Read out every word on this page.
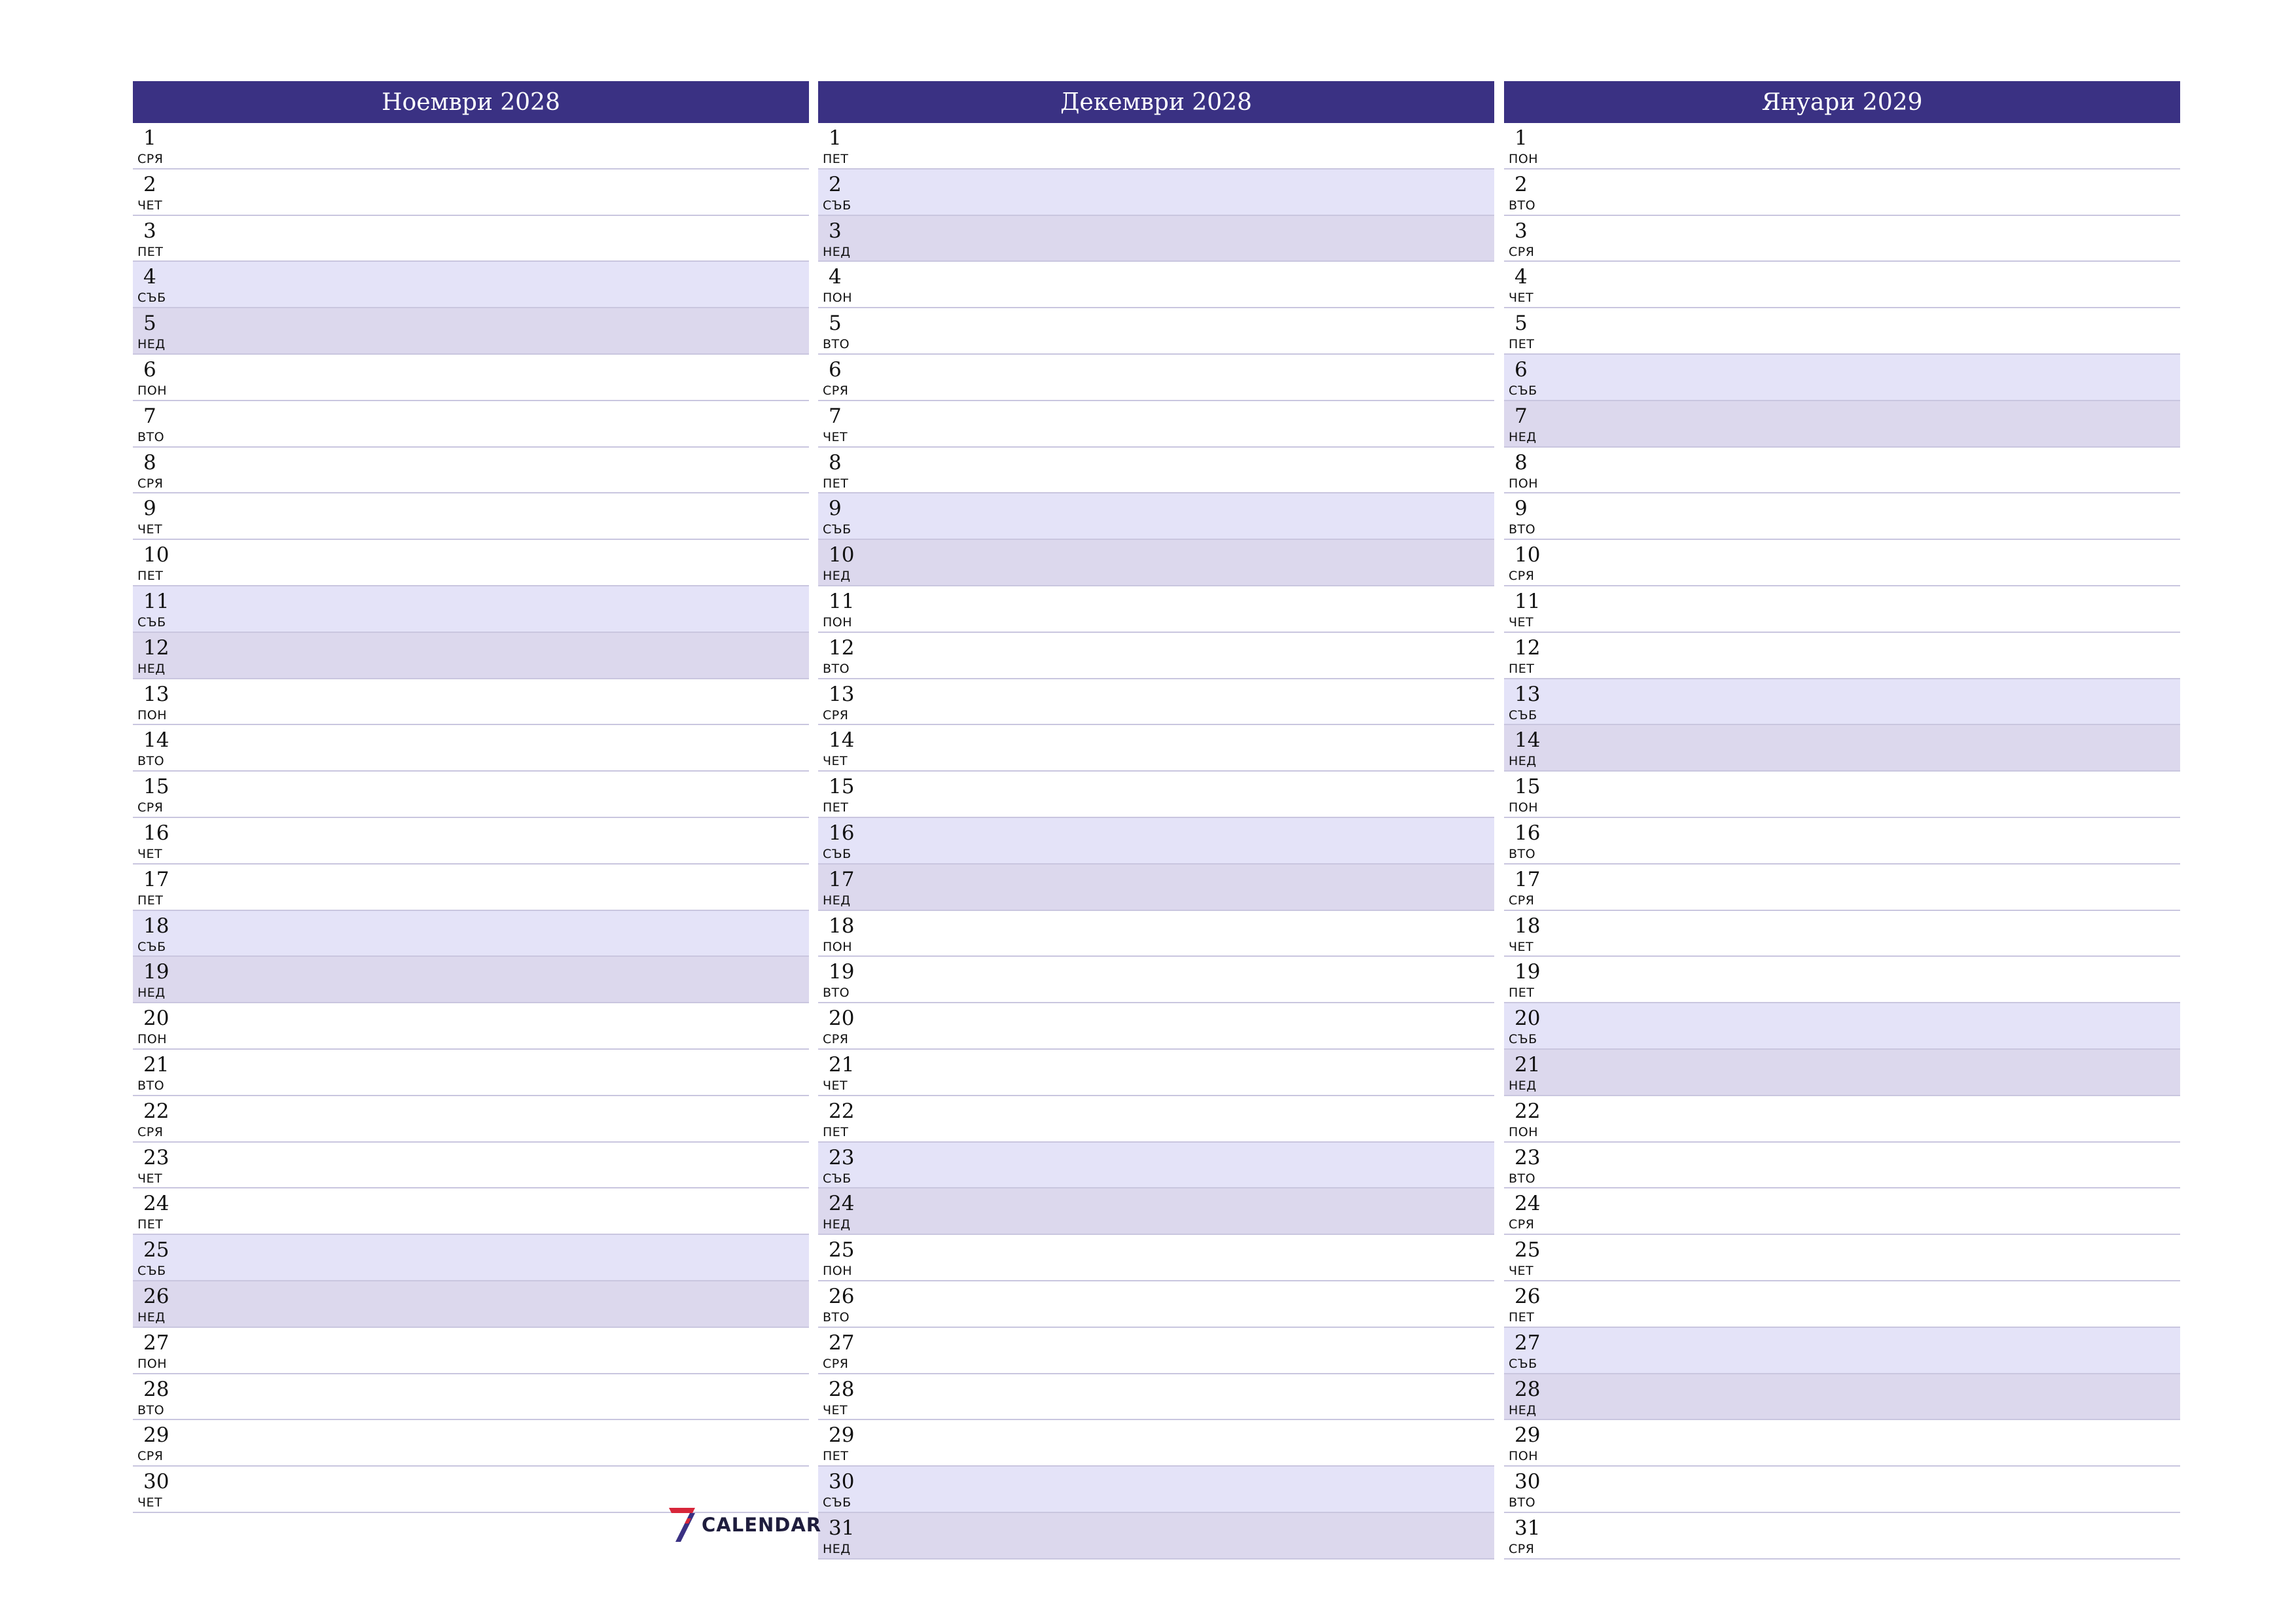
Ноември 2028
1
СРЯ
2
ЧЕТ
3
ПЕТ
4
СЪБ
5
НЕД
6
ПОН
7
ВТО
8
СРЯ
9
ЧЕТ
10
ПЕТ
11
СЪБ
12
НЕД
13
ПОН
14
ВТО
15
СРЯ
16
ЧЕТ
17
ПЕТ
18
СЪБ
19
НЕД
20
ПОН
21
ВТО
22
СРЯ
23
ЧЕТ
24
ПЕТ
25
СЪБ
26
НЕД
27
ПОН
28
ВТО
29
СРЯ
30
ЧЕТ
Декември 2028
1
ПЕТ
2
СЪБ
3
НЕД
4
ПОН
5
ВТО
6
СРЯ
7
ЧЕТ
8
ПЕТ
9
СЪБ
10
НЕД
11
ПОН
12
ВТО
13
СРЯ
14
ЧЕТ
15
ПЕТ
16
СЪБ
17
НЕД
18
ПОН
19
ВТО
20
СРЯ
21
ЧЕТ
22
ПЕТ
23
СЪБ
24
НЕД
25
ПОН
26
ВТО
27
СРЯ
28
ЧЕТ
29
ПЕТ
30
СЪБ
31
НЕД
Януари 2029
1
ПОН
2
ВТО
3
СРЯ
4
ЧЕТ
5
ПЕТ
6
СЪБ
7
НЕД
8
ПОН
9
ВТО
10
СРЯ
11
ЧЕТ
12
ПЕТ
13
СЪБ
14
НЕД
15
ПОН
16
ВТО
17
СРЯ
18
ЧЕТ
19
ПЕТ
20
СЪБ
21
НЕД
22
ПОН
23
ВТО
24
СРЯ
25
ЧЕТ
26
ПЕТ
27
СЪБ
28
НЕД
29
ПОН
30
ВТО
31
СРЯ
CALENDAR
